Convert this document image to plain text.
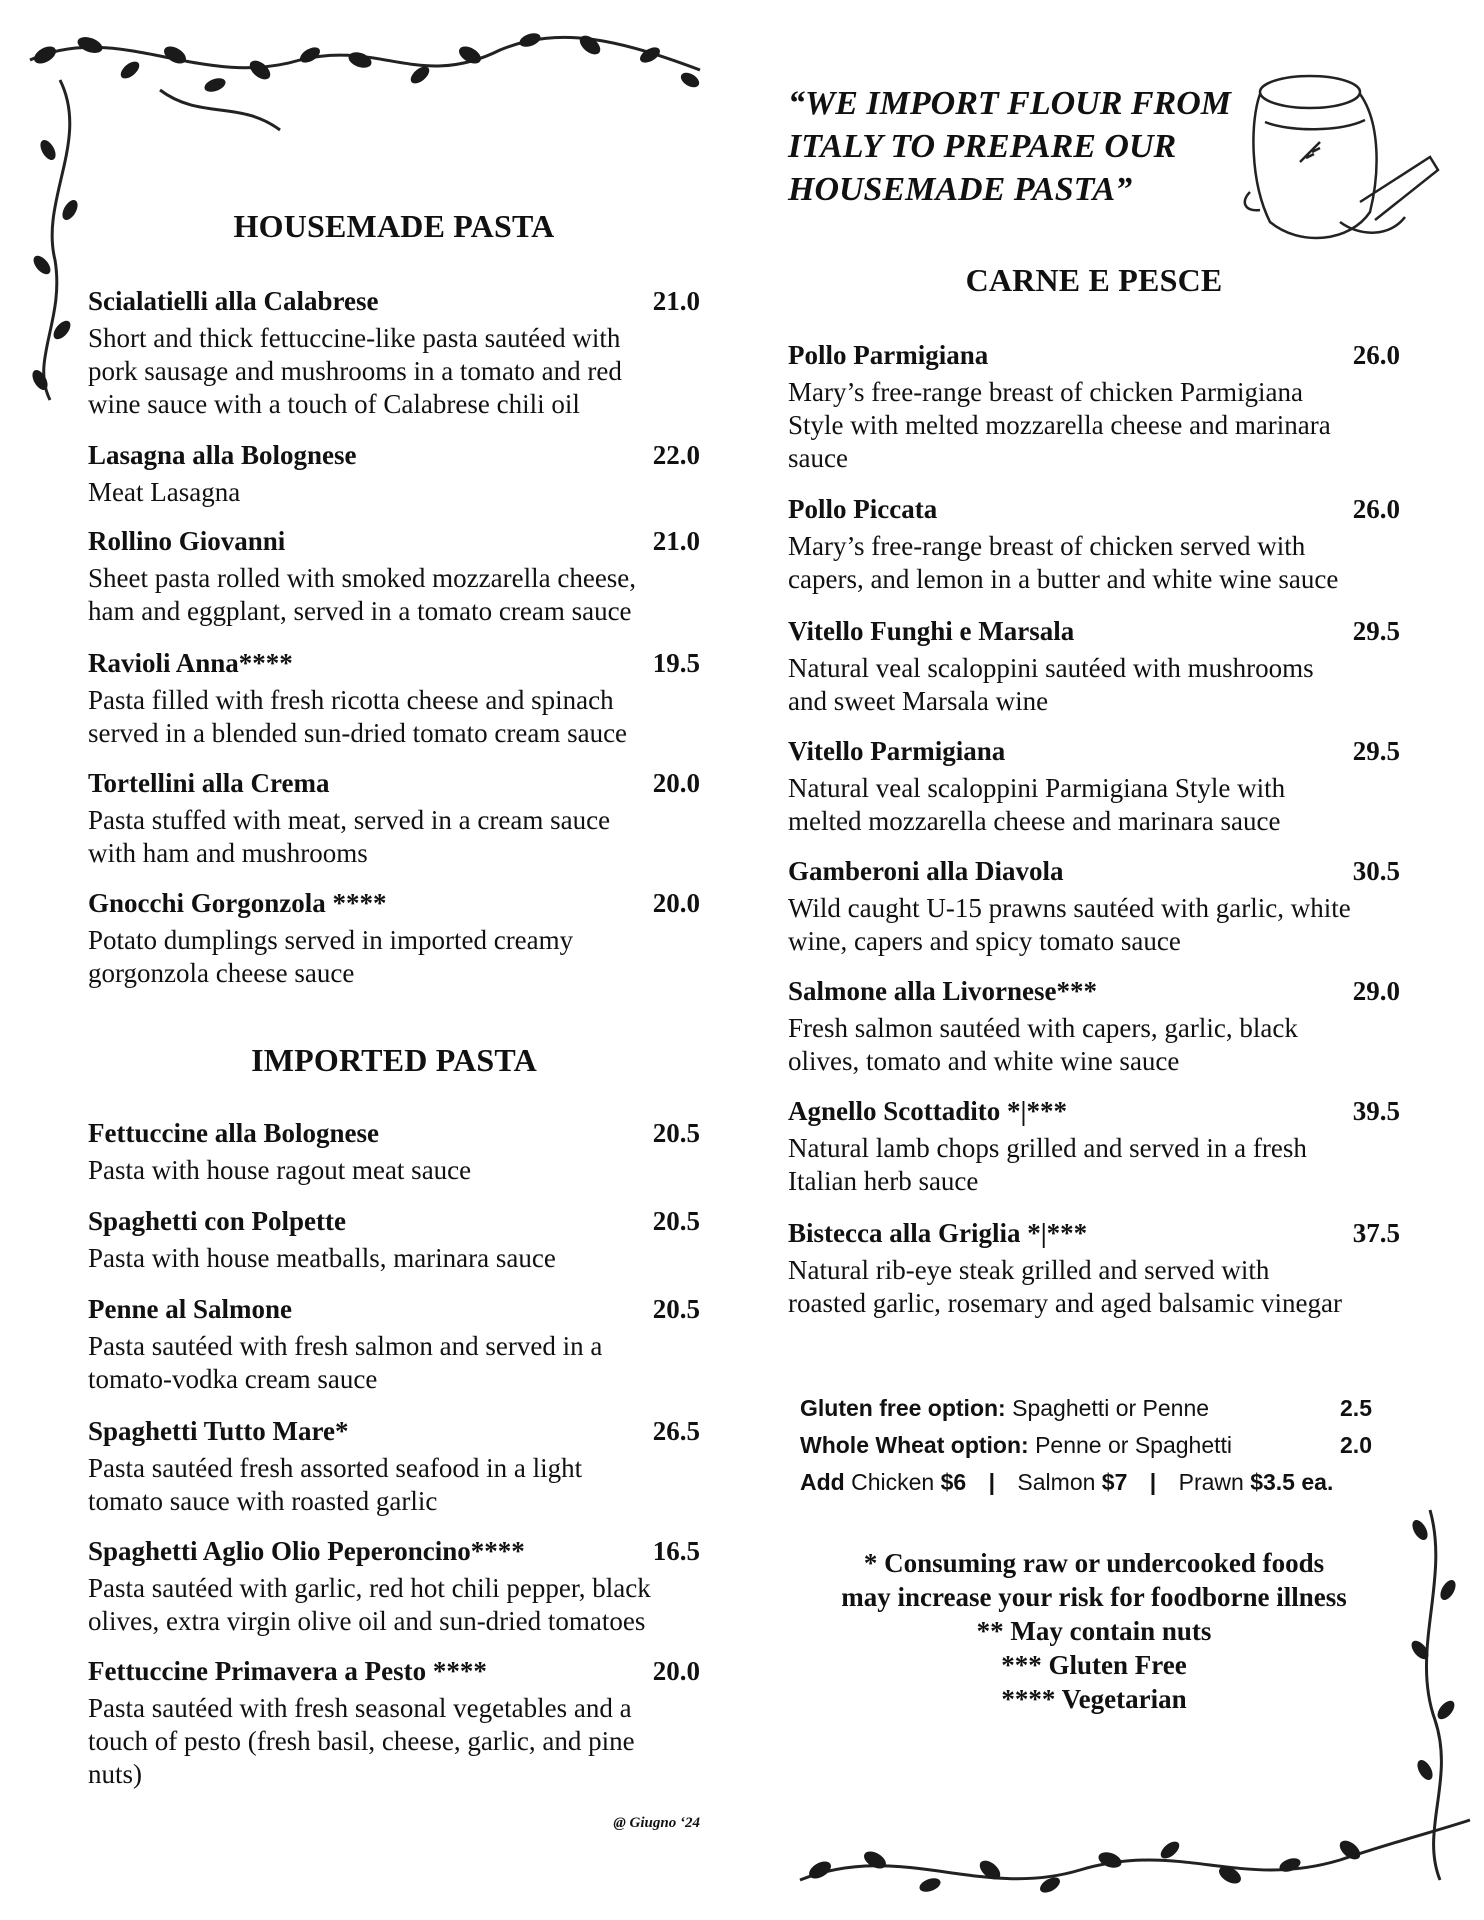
“WE IMPORT FLOUR FROM
ITALY TO PREPARE OUR
HOUSEMADE PASTA”
HOUSEMADE PASTA
Scialatielli alla Calabrese	21.0
Short and thick fettuccine-like pasta sautéed with
pork sausage and mushrooms in a tomato and red
wine sauce with a touch of Calabrese chili oil
Lasagna alla Bolognese	22.0
Meat Lasagna
Rollino Giovanni	21.0
Sheet pasta rolled with smoked mozzarella cheese,
ham and eggplant, served in a tomato cream sauce
Ravioli Anna****	19.5
Pasta filled with fresh ricotta cheese and spinach
served in a blended sun-dried tomato cream sauce
Tortellini alla Crema	20.0
Pasta stuffed with meat, served in a cream sauce
with ham and mushrooms
Gnocchi Gorgonzola ****	20.0
Potato dumplings served in imported creamy
gorgonzola cheese sauce
IMPORTED PASTA
Fettuccine alla Bolognese	20.5
Pasta with house ragout meat sauce
Spaghetti con Polpette	20.5
Pasta with house meatballs, marinara sauce
Penne al Salmone	20.5
Pasta sautéed with fresh salmon and served in a
tomato-vodka cream sauce
Spaghetti Tutto Mare*	26.5
Pasta sautéed fresh assorted seafood in a light
tomato sauce with roasted garlic
Spaghetti Aglio Olio Peperoncino****	16.5
Pasta sautéed with garlic, red hot chili pepper, black
olives, extra virgin olive oil and sun-dried tomatoes
Fettuccine Primavera a Pesto ****	20.0
Pasta sautéed with fresh seasonal vegetables and a
touch of pesto (fresh basil, cheese, garlic, and pine
nuts)
@ Giugno ‘24
CARNE E PESCE
Pollo Parmigiana	26.0
Mary’s free-range breast of chicken Parmigiana
Style with melted mozzarella cheese and marinara
sauce
Pollo Piccata	26.0
Mary’s free-range breast of chicken served with
capers, and lemon in a butter and white wine sauce
Vitello Funghi e Marsala	29.5
Natural veal scaloppini sautéed with mushrooms
and sweet Marsala wine
Vitello Parmigiana	29.5
Natural veal scaloppini Parmigiana Style with
melted mozzarella cheese and marinara sauce
Gamberoni alla Diavola	30.5
Wild caught U-15 prawns sautéed with garlic, white
wine, capers and spicy tomato sauce
Salmone alla Livornese***	29.0
Fresh salmon sautéed with capers, garlic, black
olives, tomato and white wine sauce
Agnello Scottadito *|***	39.5
Natural lamb chops grilled and served in a fresh
Italian herb sauce
Bistecca alla Griglia *|***	37.5
Natural rib-eye steak grilled and served with
roasted garlic, rosemary and aged balsamic vinegar
Gluten free option: Spaghetti or Penne	2.5
Whole Wheat option: Penne or Spaghetti	2.0
Add Chicken $6 | Salmon $7 | Prawn $3.5 ea.
* Consuming raw or undercooked foods
may increase your risk for foodborne illness
** May contain nuts
*** Gluten Free
**** Vegetarian
